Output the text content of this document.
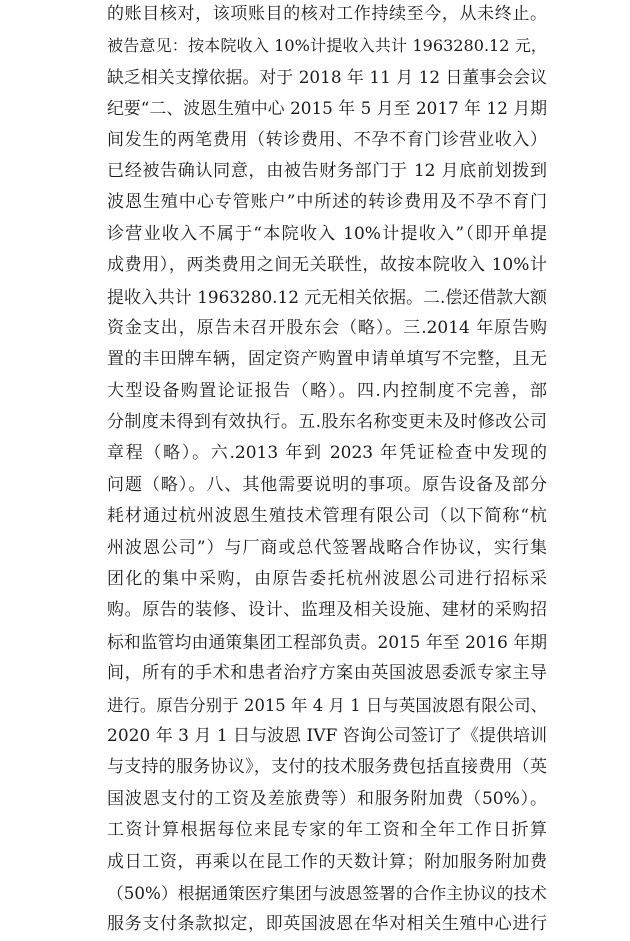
的账目核对，该项账目的核对工作持续至今，从未终止。
被告意见：按本院收入 10%计提收入共计 1963280.12 元，
缺乏相关支撑依据。对于 2018 年 11 月 12 日董事会会议
纪要“二、波恩生殖中心 2015 年 5 月至 2017 年 12 月期
间发生的两笔费用（转诊费用、不孕不育门诊营业收入）
已经被告确认同意，由被告财务部门于 12 月底前划拨到
波恩生殖中心专管账户”中所述的转诊费用及不孕不育门
诊营业收入不属于“本院收入 10%计提收入”（即开单提
成费用），两类费用之间无关联性，故按本院收入 10%计
提收入共计 1963280.12 元无相关依据。二.偿还借款大额
资金支出，原告未召开股东会（略）。三.2014 年原告购
置的丰田牌车辆，固定资产购置申请单填写不完整，且无
大型设备购置论证报告（略）。四.内控制度不完善，部
分制度未得到有效执行。五.股东名称变更未及时修改公司
章程（略）。六.2013 年到 2023 年凭证检查中发现的
问题（略）。八、其他需要说明的事项。原告设备及部分
耗材通过杭州波恩生殖技术管理有限公司（以下简称“杭
州波恩公司”）与厂商或总代签署战略合作协议，实行集
团化的集中采购，由原告委托杭州波恩公司进行招标采
购。原告的装修、设计、监理及相关设施、建材的采购招
标和监管均由通策集团工程部负责。2015 年至 2016 年期
间，所有的手术和患者治疗方案由英国波恩委派专家主导
进行。原告分别于 2015 年 4 月 1 日与英国波恩有限公司、
2020 年 3 月 1 日与波恩 IVF 咨询公司签订了《提供培训
与支持的服务协议》，支付的技术服务费包括直接费用（英
国波恩支付的工资及差旅费等）和服务附加费（50%）。
工资计算根据每位来昆专家的年工资和全年工作日折算
成日工资，再乘以在昆工作的天数计算；附加服务附加费
（50%）根据通策医疗集团与波恩签署的合作主协议的技术
服务支付条款拟定，即英国波恩在华对相关生殖中心进行
